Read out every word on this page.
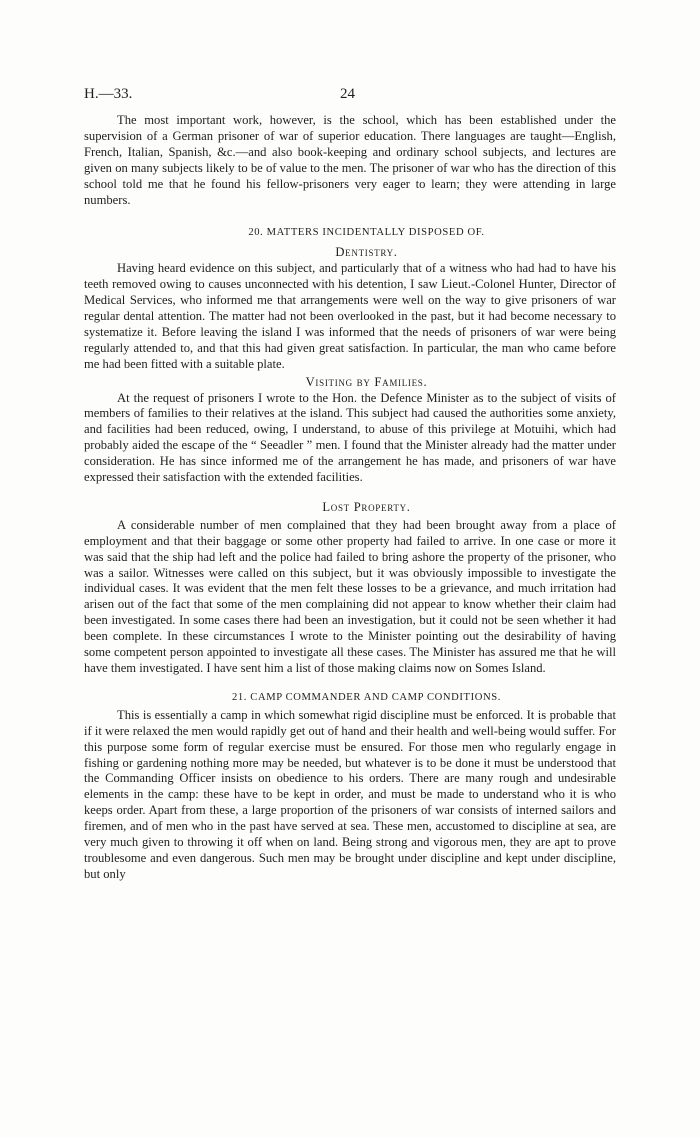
H.—33.	24

The most important work, however, is the school, which has been established under the supervision of a German prisoner of war of superior education. There languages are taught—English, French, Italian, Spanish, &c.—and also book-keeping and ordinary school subjects, and lectures are given on many subjects likely to be of value to the men. The prisoner of war who has the direction of this school told me that he found his fellow-prisoners very eager to learn; they were attending in large numbers.

20. MATTERS INCIDENTALLY DISPOSED OF.

Dentistry.

Having heard evidence on this subject, and particularly that of a witness who had had to have his teeth removed owing to causes unconnected with his detention, I saw Lieut.-Colonel Hunter, Director of Medical Services, who informed me that arrangements were well on the way to give prisoners of war regular dental attention. The matter had not been overlooked in the past, but it had become necessary to systematize it. Before leaving the island I was informed that the needs of prisoners of war were being regularly attended to, and that this had given great satisfaction. In particular, the man who came before me had been fitted with a suitable plate.

Visiting by Families.

At the request of prisoners I wrote to the Hon. the Defence Minister as to the subject of visits of members of families to their relatives at the island. This subject had caused the authorities some anxiety, and facilities had been reduced, owing, I understand, to abuse of this privilege at Motuihi, which had probably aided the escape of the “ Seeadler ” men. I found that the Minister already had the matter under consideration. He has since informed me of the arrangement he has made, and prisoners of war have expressed their satisfaction with the extended facilities.

Lost Property.

A considerable number of men complained that they had been brought away from a place of employment and that their baggage or some other property had failed to arrive. In one case or more it was said that the ship had left and the police had failed to bring ashore the property of the prisoner, who was a sailor. Witnesses were called on this subject, but it was obviously impossible to investigate the individual cases. It was evident that the men felt these losses to be a grievance, and much irritation had arisen out of the fact that some of the men complaining did not appear to know whether their claim had been investigated. In some cases there had been an investigation, but it could not be seen whether it had been complete. In these circumstances I wrote to the Minister pointing out the desirability of having some competent person appointed to investigate all these cases. The Minister has assured me that he will have them investigated. I have sent him a list of those making claims now on Somes Island.

21. CAMP COMMANDER AND CAMP CONDITIONS.

This is essentially a camp in which somewhat rigid discipline must be enforced. It is probable that if it were relaxed the men would rapidly get out of hand and their health and well-being would suffer. For this purpose some form of regular exercise must be ensured. For those men who regularly engage in fishing or gardening nothing more may be needed, but whatever is to be done it must be understood that the Commanding Officer insists on obedience to his orders. There are many rough and undesirable elements in the camp: these have to be kept in order, and must be made to understand who it is who keeps order. Apart from these, a large proportion of the prisoners of war consists of interned sailors and firemen, and of men who in the past have served at sea. These men, accustomed to discipline at sea, are very much given to throwing it off when on land. Being strong and vigorous men, they are apt to prove troublesome and even dangerous. Such men may be brought under discipline and kept under discipline, but only
